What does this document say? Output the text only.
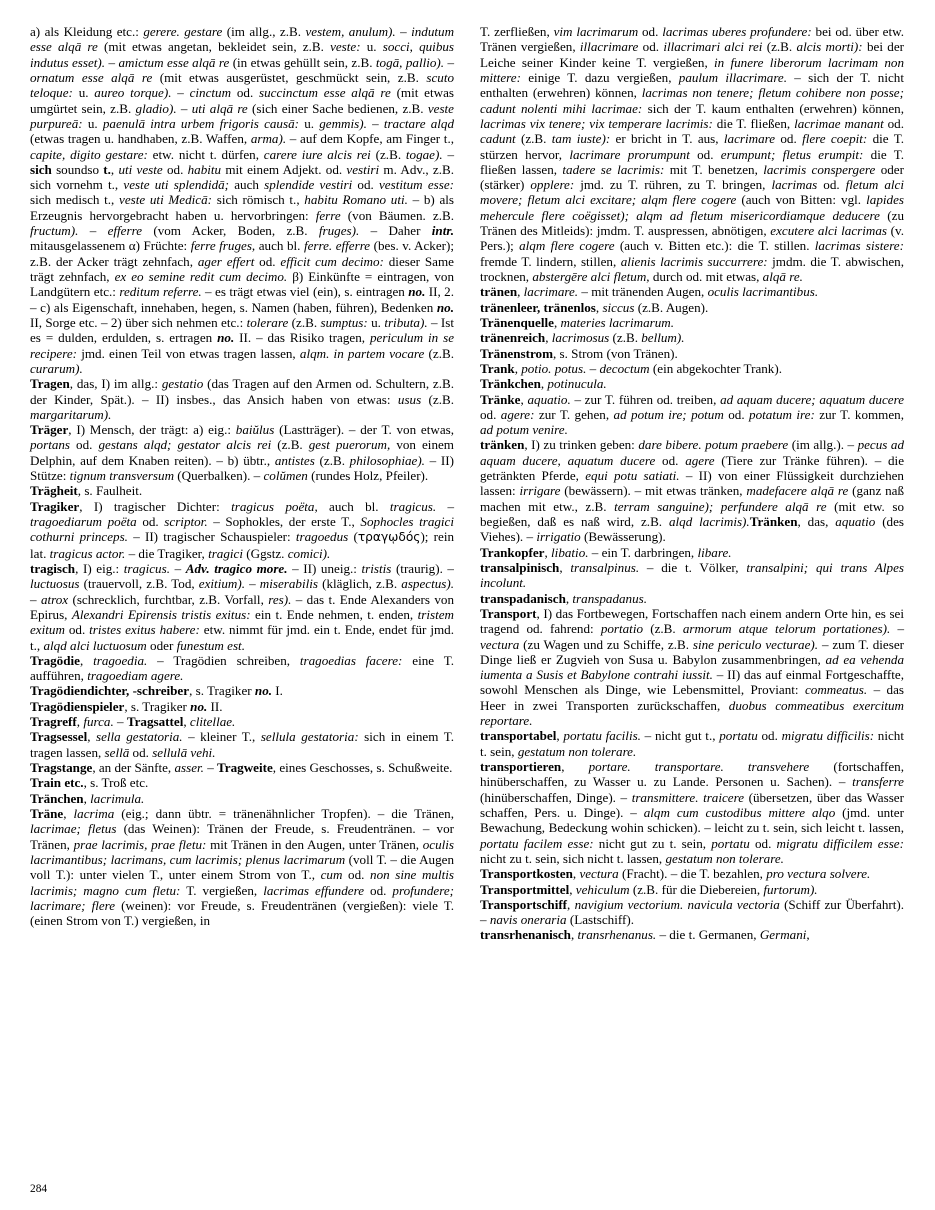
a) als Kleidung etc.: gerere. gestare (im allg., z.B. vestem, anulum). – indutum esse alqā re (mit etwas angetan, bekleidet sein, z.B. veste: u. socci, quibus indutus esset). – amictum esse alqā re (in etwas gehüllt sein, z.B. togā, pallio). – ornatum esse alqā re (mit etwas ausgerüstet, geschmückt sein, z.B. scuto teloque: u. aureo torque). – cinctum od. succinctum esse alqā re (mit etwas umgürtet sein, z.B. gladio). – uti alqā re (sich einer Sache bedienen, z.B. veste purpureā: u. paenulā intra urbem frigoris causā: u. gemmis). – tractare alqd (etwas tragen u. handhaben, z.B. Waffen, arma). – auf dem Kopfe, am Finger t., capite, digito gestare: etw. nicht t. dürfen, carere iure alcis rei (z.B. togae). – sich soundso t., uti veste od. habitu mit einem Adjekt. od. vestiri m. Adv., z.B. sich vornehm t., veste uti splendidā; auch splendide vestiri od. vestitum esse: sich medisch t., veste uti Medicā: sich römisch t., habitu Romano uti. – b) als Erzeugnis hervorgebracht haben u. hervorbringen: ferre (von Bäumen. z.B. fructum). – efferre (vom Acker, Boden, z.B. fruges). – Daher intr. mitausgelassenem α) Früchte: ferre fruges, auch bl. ferre. efferre (bes. v. Acker); z.B. der Acker trägt zehnfach, ager effert od. efficit cum decimo: dieser Same trägt zehnfach, ex eo semine redit cum decimo. β) Einkünfte = eintragen, von Landgütern etc.: reditum referre. – es trägt etwas viel (ein), s. eintragen no. II, 2. – c) als Eigenschaft, innehaben, hegen, s. Namen (haben, führen), Bedenken no. II, Sorge etc. – 2) über sich nehmen etc.: tolerare (z.B. sumptus: u. tributa). – Ist es = dulden, erdulden, s. ertragen no. II. – das Risiko tragen, periculum in se recipere: jmd. einen Teil von etwas tragen lassen, alqm. in partem vocare (z.B. curarum).

Tragen, das, I) im allg.: gestatio (das Tragen auf den Armen od. Schultern, z.B. der Kinder, Spät.). – II) insbes., das Ansich haben von etwas: usus (z.B. margaritarum).

Träger, I) Mensch, der trägt: a) eig.: baiŭlus (Lastträger). – der T. von etwas, portans od. gestans alqd; gestator alcis rei (z.B. gest puerorum, von einem Delphin, auf dem Knaben reiten). – b) übtr., antistes (z.B. philosophiae). – II) Stütze: tignum transversum (Querbalken). – colŭmen (rundes Holz, Pfeiler).

Trägheit, s. Faulheit.

Tragiker, I) tragischer Dichter: tragicus poëta, auch bl. tragicus. – tragoediarum poëta od. scriptor. – Sophokles, der erste T., Sophocles tragici cothurni princeps. – II) tragischer Schauspieler: tragoedus (τραγῳδός); rein lat. tragicus actor. – die Tragiker, tragici (Ggstz. comici).

tragisch, I) eig.: tragicus. – Adv. tragico more. – II) uneig.: tristis (traurig). – luctuosus (trauervoll, z.B. Tod, exitium). – miserabilis (kläglich, z.B. aspectus). – atrox (schrecklich, furchtbar, z.B. Vorfall, res). – das t. Ende Alexanders von Epirus, Alexandri Epirensis tristis exitus: ein t. Ende nehmen, t. enden, tristem exitum od. tristes exitus habere: etw. nimmt für jmd. ein t. Ende, endet für jmd. t., alqd alci luctuosum oder funestum est.

Tragödie, tragoedia. – Tragödien schreiben, tragoedias facere: eine T. aufführen, tragoediam agere.

Tragödiendichter, -schreiber, s. Tragiker no. I.

Tragödienspieler, s. Tragiker no. II.

Tragreff, furca. – Tragsattel, clitellae.

Tragsessel, sella gestatoria. – kleiner T., sellula gestatoria: sich in einem T. tragen lassen, sellā od. sellulā vehi.

Tragstange, an der Sänfte, asser. – Tragweite, eines Geschosses, s. Schußweite.

Train etc., s. Troß etc.

Tränchen, lacrimula.

Träne, lacrima (eig.; dann übtr. = tränenähnlicher Tropfen). – die Tränen, lacrimae; fletus (das Weinen): Tränen der Freude, s. Freudentränen. – vor Tränen, prae lacrimis, prae fletu: mit Tränen in den Augen, unter Tränen, oculis lacrimantibus; lacrimans, cum lacrimis; plenus lacrimarum (voll T. – die Augen voll T.): unter vielen T., unter einem Strom von T., cum od. non sine multis lacrimis; magno cum fletu: T. vergießen, lacrimas effundere od. profundere; lacrimare; flere (weinen): vor Freude, s. Freudentränen (vergießen): viele T. (einen Strom von T.) vergießen, in

T. zerfließen, vim lacrimarum od. lacrimas uberes profundere: bei od. über etw. Tränen vergießen, illacrimare od. illacrimari alci rei (z.B. alcis morti): bei der Leiche seiner Kinder keine T. vergießen, in funere liberorum lacrimam non mittere: einige T. dazu vergießen, paulum illacrimare. – sich der T. nicht enthalten (erwehren) können, lacrimas non tenere; fletum cohibere non posse; cadunt nolenti mihi lacrimae: sich der T. kaum enthalten (erwehren) können, lacrimas vix tenere; vix temperare lacrimis: die T. fließen, lacrimae manant od. cadunt (z.B. tam iuste): er bricht in T. aus, lacrimare od. flere coepit: die T. stürzen hervor, lacrimare prorumpunt od. erumpunt; fletus erumpit: die T. fließen lassen, tadere se lacrimis: mit T. benetzen, lacrimis conspergere oder (stärker) opplere: jmd. zu T. rühren, zu T. bringen, lacrimas od. fletum alci movere; fletum alci excitare; alqm flere cogere (auch von Bitten: vgl. lapides mehercule flere coëgisset); alqm ad fletum misericordiamque deducere (zu Tränen des Mitleids): jmdm. T. auspressen, abnötigen, excutere alci lacrimas (v. Pers.); alqm flere cogere (auch v. Bitten etc.): die T. stillen. lacrimas sistere: fremde T. lindern, stillen, alienis lacrimis succurrere: jmdm. die T. abwischen, trocknen, abstergēre alci fletum, durch od. mit etwas, alqā re.

tränen, lacrimare. – mit tränenden Augen, oculis lacrimantibus.

tränenleer, tränenlos, siccus (z.B. Augen).

Tränenquelle, materies lacrimarum.

tränenreich, lacrimosus (z.B. bellum).

Tränenstrom, s. Strom (von Tränen).

Trank, potio. potus. – decoctum (ein abgekochter Trank).

Tränkchen, potinucula.

Tränke, aquatio. – zur T. führen od. treiben, ad aquam ducere; aquatum ducere od. agere: zur T. gehen, ad potum ire; potum od. potatum ire: zur T. kommen, ad potum venire.

tränken, I) zu trinken geben: dare bibere. potum praebere (im allg.). – pecus ad aquam ducere, aquatum ducere od. agere (Tiere zur Tränke führen). – die getränkten Pferde, equi potu satiati. – II) von einer Flüssigkeit durchziehen lassen: irrigare (bewässern). – mit etwas tränken, madefacere alqā re (ganz naß machen mit etw., z.B. terram sanguine); perfundere alqā re (mit etw. so begießen, daß es naß wird, z.B. alqd lacrimis).Tränken, das, aquatio (des Viehes). – irrigatio (Bewässerung).

Trankopfer, libatio. – ein T. darbringen, libare.

transalpinisch, transalpinus. – die t. Völker, transalpini; qui trans Alpes incolunt.

transpadanisch, transpadanus.

Transport, I) das Fortbewegen, Fortschaffen nach einem andern Orte hin, es sei tragend od. fahrend: portatio (z.B. armorum atque telorum portationes). – vectura (zu Wagen und zu Schiffe, z.B. sine periculo vecturae). – zum T. dieser Dinge ließ er Zugvieh von Susa u. Babylon zusammenbringen, ad ea vehenda iumenta a Susis et Babylone contrahi iussit. – II) das auf einmal Fortgeschaffte, sowohl Menschen als Dinge, wie Lebensmittel, Proviant: commeatus. – das Heer in zwei Transporten zurückschaffen, duobus commeatibus exercitum reportare.

transportabel, portatu facilis. – nicht gut t., portatu od. migratu difficilis: nicht t. sein, gestatum non tolerare.

transportieren, portare. transportare. transvehere (fortschaffen, hinüberschaffen, zu Wasser u. zu Lande. Personen u. Sachen). – transferre (hinüberschaffen, Dinge). – transmittere. traicere (übersetzen, über das Wasser schaffen, Pers. u. Dinge). – alqm cum custodibus mittere alqo (jmd. unter Bewachung, Bedeckung wohin schicken). – leicht zu t. sein, sich leicht t. lassen, portatu facilem esse: nicht gut zu t. sein, portatu od. migratu difficilem esse: nicht zu t. sein, sich nicht t. lassen, gestatum non tolerare.

Transportkosten, vectura (Fracht). – die T. bezahlen, pro vectura solvere.

Transportmittel, vehiculum (z.B. für die Diebereien, furtorum).

Transportschiff, navigium vectorium. navicula vectoria (Schiff zur Überfahrt). – navis oneraria (Lastschiff).

transrhenanisch, transrhenanus. – die t. Germanen, Germani,

284
